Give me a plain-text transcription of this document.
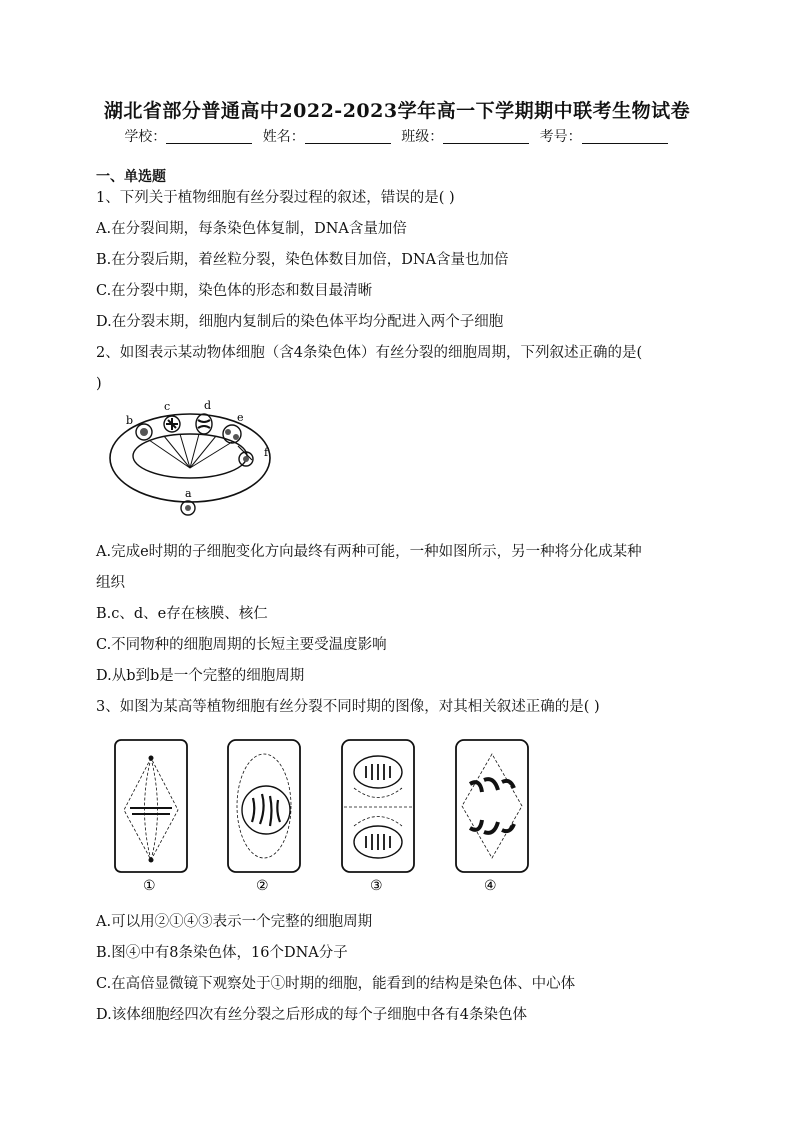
湖北省部分普通高中2022-2023学年高一下学期期中联考生物试卷
学校：	姓名：	班级：	考号：
一、单选题
1、下列关于植物细胞有丝分裂过程的叙述，错误的是( )
A.在分裂间期，每条染色体复制，DNA含量加倍
B.在分裂后期，着丝粒分裂，染色体数目加倍，DNA含量也加倍
C.在分裂中期，染色体的形态和数目最清晰
D.在分裂末期，细胞内复制后的染色体平均分配进入两个子细胞
2、如图表示某动物体细胞（含4条染色体）有丝分裂的细胞周期，下列叙述正确的是(
)
b
c	d
e
f
a
A.完成e时期的子细胞变化方向最终有两种可能，一种如图所示，另一种将分化成某种
组织
B.c、d、e存在核膜、核仁
C.不同物种的细胞周期的长短主要受温度影响
D.从b到b是一个完整的细胞周期
3、如图为某高等植物细胞有丝分裂不同时期的图像，对其相关叙述正确的是( )
①	②	③	④
A.可以用②①④③表示一个完整的细胞周期
B.图④中有8条染色体，16个DNA分子
C.在高倍显微镜下观察处于①时期的细胞，能看到的结构是染色体、中心体
D.该体细胞经四次有丝分裂之后形成的每个子细胞中各有4条染色体
